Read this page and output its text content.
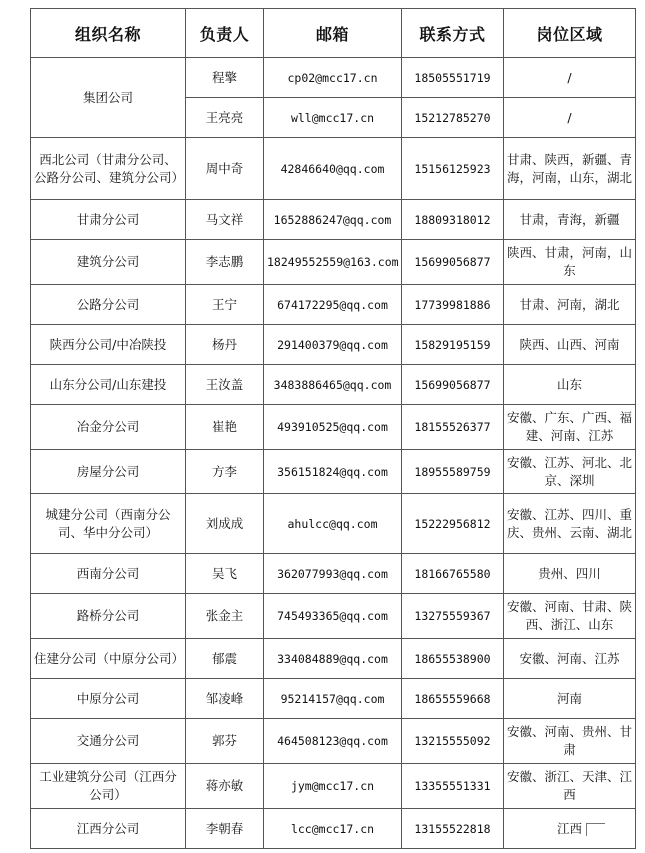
组织名称	负责人	邮箱	联系方式	岗位区域
集团公司	程擎	cp02@mcc17.cn	18505551719	/
	王亮亮	wll@mcc17.cn	15212785270	/
西北公司（甘肃分公司、公路分公司、建筑分公司）	周中奇	42846640@qq.com	15156125923	甘肃、陕西，新疆、青海，河南，山东，湖北
甘肃分公司	马文祥	1652886247@qq.com	18809318012	甘肃，青海，新疆
建筑分公司	李志鹏	18249552559@163.com	15699056877	陕西、甘肃，河南，山东
公路分公司	王宁	674172295@qq.com	17739981886	甘肃、河南，湖北
陕西分公司/中冶陕投	杨丹	291400379@qq.com	15829195159	陕西、山西、河南
山东分公司/山东建投	王汝盖	3483886465@qq.com	15699056877	山东
冶金分公司	崔艳	493910525@qq.com	18155526377	安徽、广东、广西、福建、河南、江苏
房屋分公司	方李	356151824@qq.com	18955589759	安徽、江苏、河北、北京、深圳
城建分公司（西南分公司、华中分公司）	刘成成	ahulcc@qq.com	15222956812	安徽、江苏、四川、重庆、贵州、云南、湖北
西南分公司	吴飞	362077993@qq.com	18166765580	贵州、四川
路桥分公司	张金主	745493365@qq.com	13275559367	安徽、河南、甘肃、陕西、浙江、山东
住建分公司（中原分公司）	郁震	334084889@qq.com	18655538900	安徽、河南、江苏
中原分公司	邹凌峰	95214157@qq.com	18655559668	河南
交通分公司	郭芬	464508123@qq.com	13215555092	安徽、河南、贵州、甘肃
工业建筑分公司（江西分公司）	蒋亦敏	jym@mcc17.cn	13355551331	安徽、浙江、天津、江西
江西分公司	李朝春	lcc@mcc17.cn	13155522818	江西
